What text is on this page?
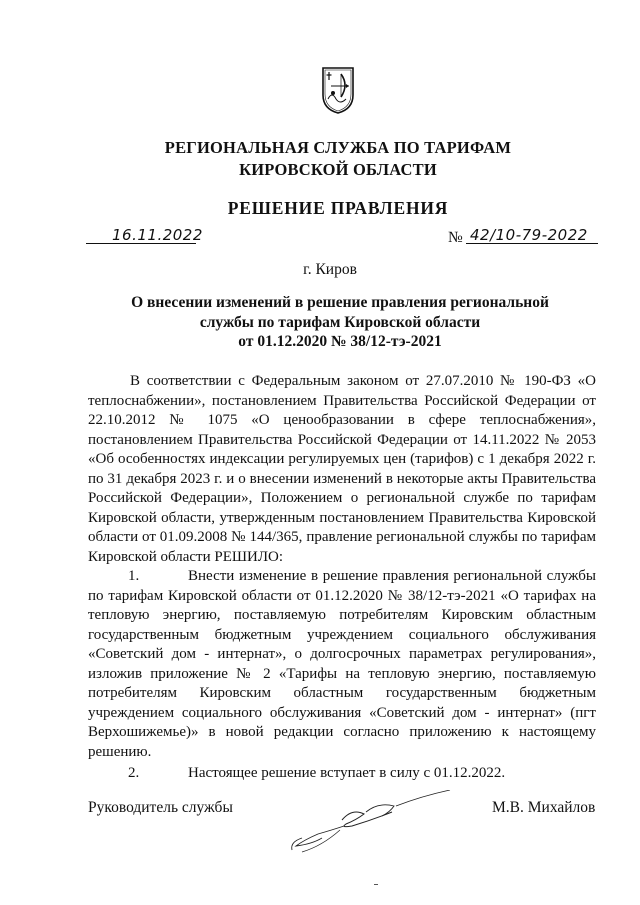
РЕГИОНАЛЬНАЯ СЛУЖБА ПО ТАРИФАМ
КИРОВСКОЙ ОБЛАСТИ
РЕШЕНИЕ ПРАВЛЕНИЯ
16.11.2022	№ 42/10-79-2022
г. Киров
О внесении изменений в решение правления региональной
службы по тарифам Кировской области
от 01.12.2020 № 38/12-тэ-2021
В соответствии с Федеральным законом от 27.07.2010 № 190-ФЗ «О теплоснабжении», постановлением Правительства Российской Федерации от 22.10.2012 № 1075 «О ценообразовании в сфере теплоснабжения», постановлением Правительства Российской Федерации от 14.11.2022 № 2053 «Об особенностях индексации регулируемых цен (тарифов) с 1 декабря 2022 г. по 31 декабря 2023 г. и о внесении изменений в некоторые акты Правительства Российской Федерации», Положением о региональной службе по тарифам Кировской области, утвержденным постановлением Правительства Кировской области от 01.09.2008 № 144/365, правление региональной службы по тарифам Кировской области РЕШИЛО:
1.	Внести изменение в решение правления региональной службы по тарифам Кировской области от 01.12.2020 № 38/12-тэ-2021 «О тарифах на тепловую энергию, поставляемую потребителям Кировским областным государственным бюджетным учреждением социального обслуживания «Советский дом - интернат», о долгосрочных параметрах регулирования», изложив приложение № 2 «Тарифы на тепловую энергию, поставляемую потребителям Кировским областным государственным бюджетным учреждением социального обслуживания «Советский дом - интернат» (пгт Верхошижемье)» в новой редакции согласно приложению к настоящему решению.
2.	Настоящее решение вступает в силу с 01.12.2022.
Руководитель службы	М.В. Михайлов
